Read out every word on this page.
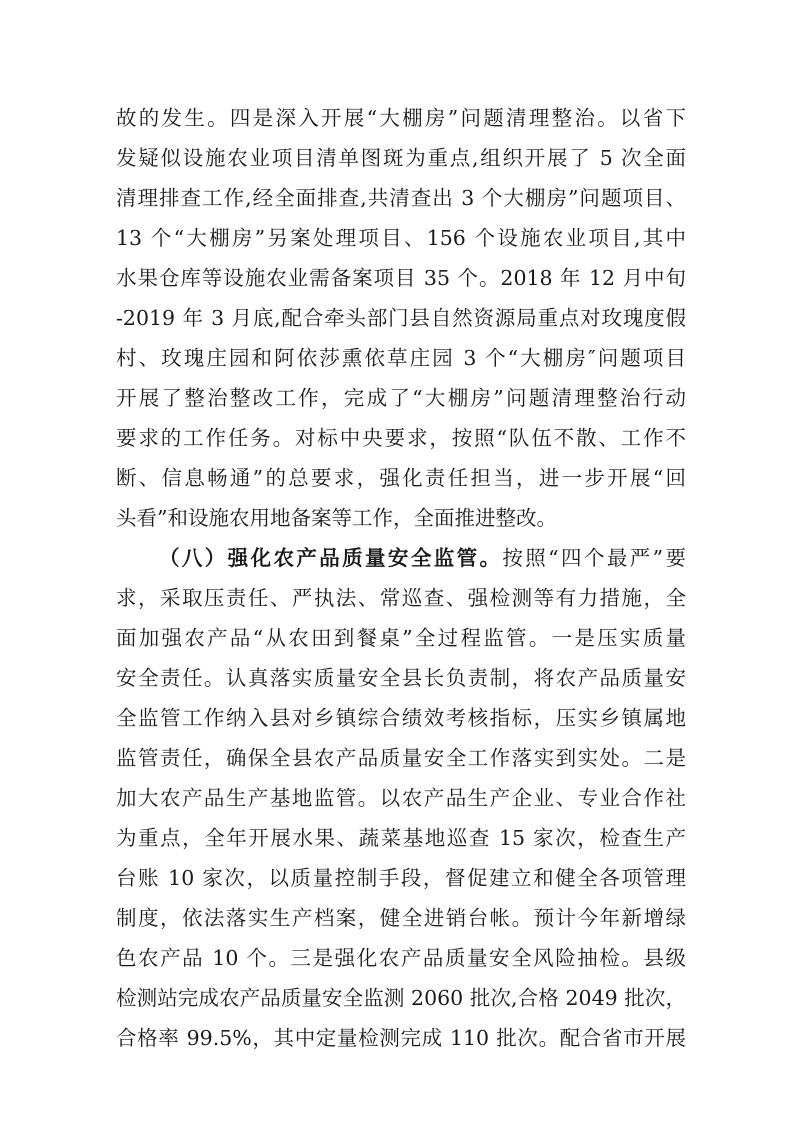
故的发生。四是深入开展“大棚房”问题清理整治。以省下
发疑似设施农业项目清单图斑为重点,组织开展了 5 次全面
清理排查工作,经全面排查,共清查出 3 个大棚房”问题项目、
13 个“大棚房”另案处理项目、156 个设施农业项目,其中
水果仓库等设施农业需备案项目 35 个。2018 年 12 月中旬
-2019 年 3 月底,配合牵头部门县自然资源局重点对玫瑰度假
村、玫瑰庄园和阿依莎熏依草庄园 3 个“大棚房″问题项目
开展了整治整改工作，完成了“大棚房”问题清理整治行动
要求的工作任务。对标中央要求，按照“队伍不散、工作不
断、信息畅通”的总要求，强化责任担当，进一步开展“回
头看”和设施农用地备案等工作，全面推进整改。
（八）强化农产品质量安全监管。按照“四个最严”要
求，采取压责任、严执法、常巡查、强检测等有力措施，全
面加强农产品“从农田到餐桌”全过程监管。一是压实质量
安全责任。认真落实质量安全县长负责制，将农产品质量安
全监管工作纳入县对乡镇综合绩效考核指标，压实乡镇属地
监管责任，确保全县农产品质量安全工作落实到实处。二是
加大农产品生产基地监管。以农产品生产企业、专业合作社
为重点，全年开展水果、蔬菜基地巡查 15 家次，检查生产
台账 10 家次，以质量控制手段，督促建立和健全各项管理
制度，依法落实生产档案，健全进销台帐。预计今年新增绿
色农产品 10 个。三是强化农产品质量安全风险抽检。县级
检测站完成农产品质量安全监测 2060 批次,合格 2049 批次，
合格率 99.5%，其中定量检测完成 110 批次。配合省市开展
